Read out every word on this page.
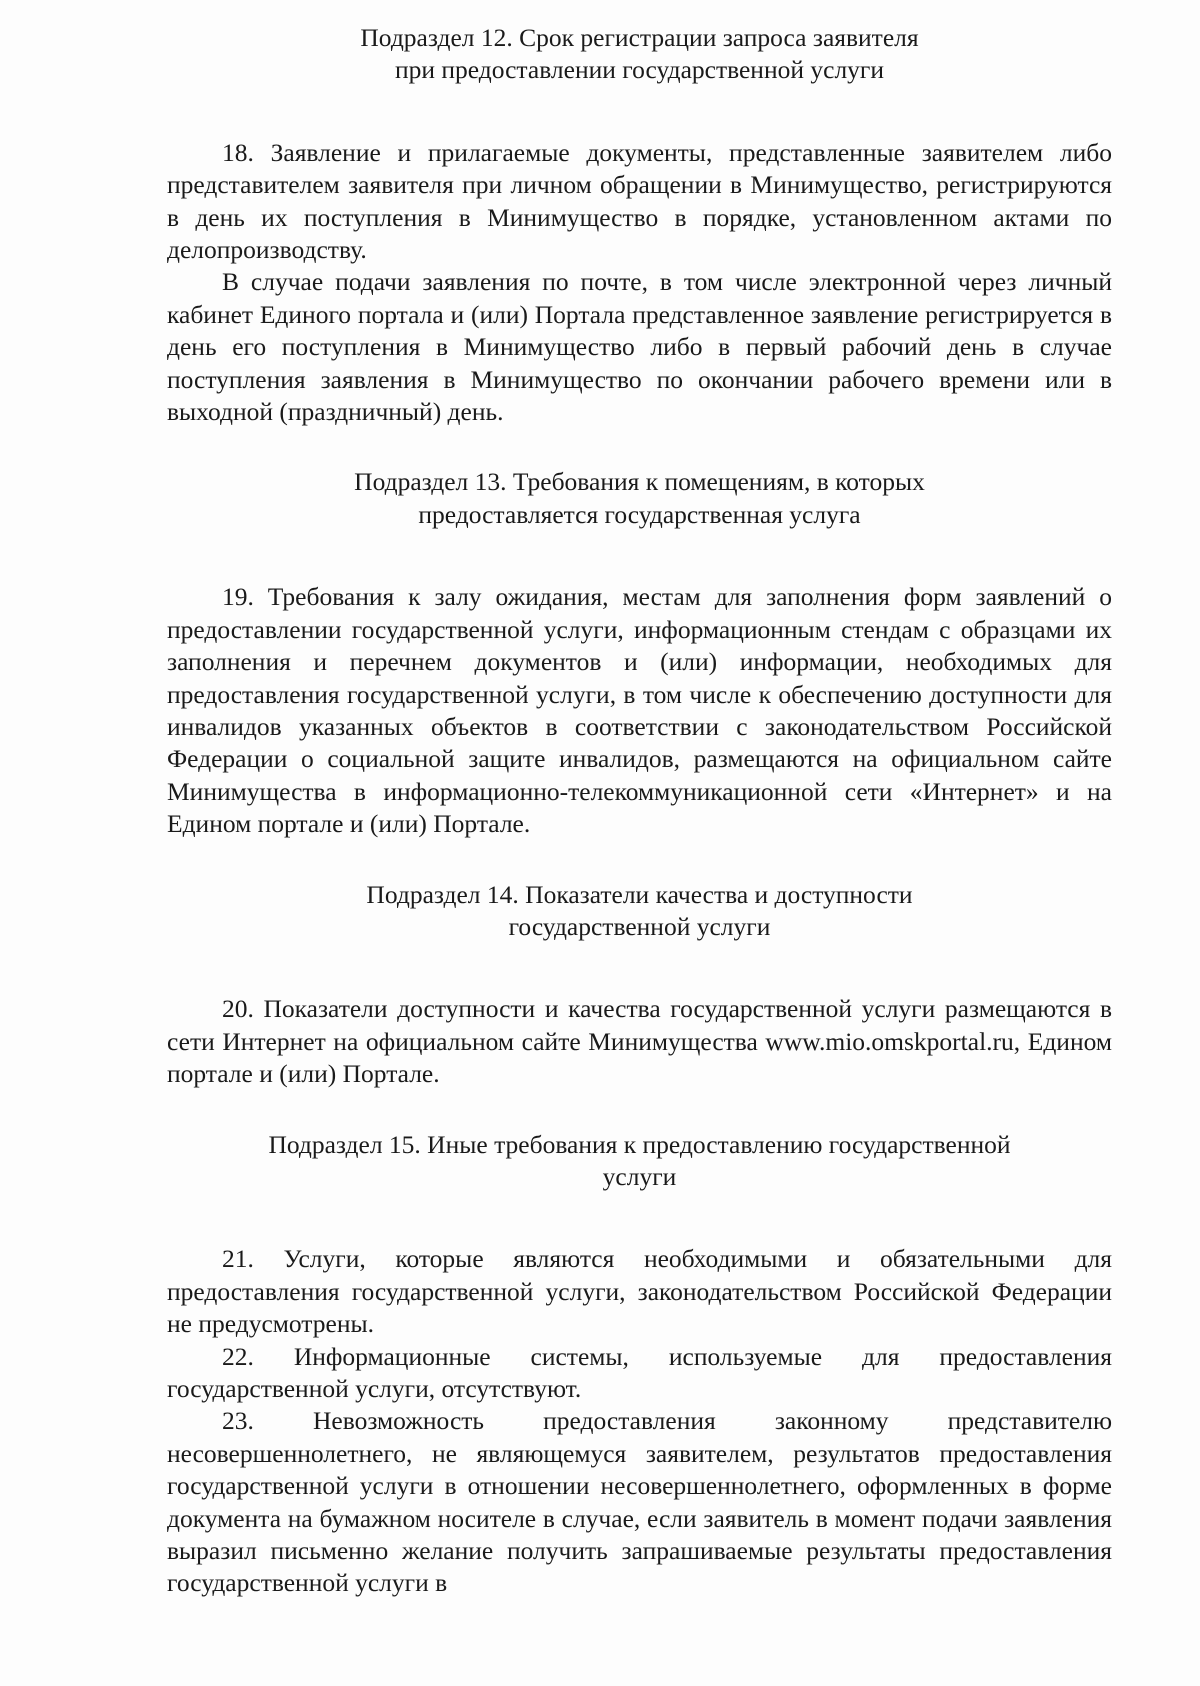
Подраздел 12. Срок регистрации запроса заявителя
при предоставлении государственной услуги

18. Заявление и прилагаемые документы, представленные заявителем либо представителем заявителя при личном обращении в Минимущество, регистрируются в день их поступления в Минимущество в порядке, установленном актами по делопроизводству.

В случае подачи заявления по почте, в том числе электронной через личный кабинет Единого портала и (или) Портала представленное заявление регистрируется в день его поступления в Минимущество либо в первый рабочий день в случае поступления заявления в Минимущество по окончании рабочего времени или в выходной (праздничный) день.

Подраздел 13. Требования к помещениям, в которых
предоставляется государственная услуга

19. Требования к залу ожидания, местам для заполнения форм заявлений о предоставлении государственной услуги, информационным стендам с образцами их заполнения и перечнем документов и (или) информации, необходимых для предоставления государственной услуги, в том числе к обеспечению доступности для инвалидов указанных объектов в соответствии с законодательством Российской Федерации о социальной защите инвалидов, размещаются на официальном сайте Минимущества в информационно-телекоммуникационной сети «Интернет» и на Едином портале и (или) Портале.

Подраздел 14. Показатели качества и доступности
государственной услуги

20. Показатели доступности и качества государственной услуги размещаются в сети Интернет на официальном сайте Минимущества www.mio.omskportal.ru, Едином портале и (или) Портале.

Подраздел 15. Иные требования к предоставлению государственной
услуги

21. Услуги, которые являются необходимыми и обязательными для предоставления государственной услуги, законодательством Российской Федерации не предусмотрены.

22. Информационные системы, используемые для предоставления государственной услуги, отсутствуют.

23. Невозможность предоставления законному представителю несовершеннолетнего, не являющемуся заявителем, результатов предоставления государственной услуги в отношении несовершеннолетнего, оформленных в форме документа на бумажном носителе в случае, если заявитель в момент подачи заявления выразил письменно желание получить запрашиваемые результаты предоставления государственной услуги в
